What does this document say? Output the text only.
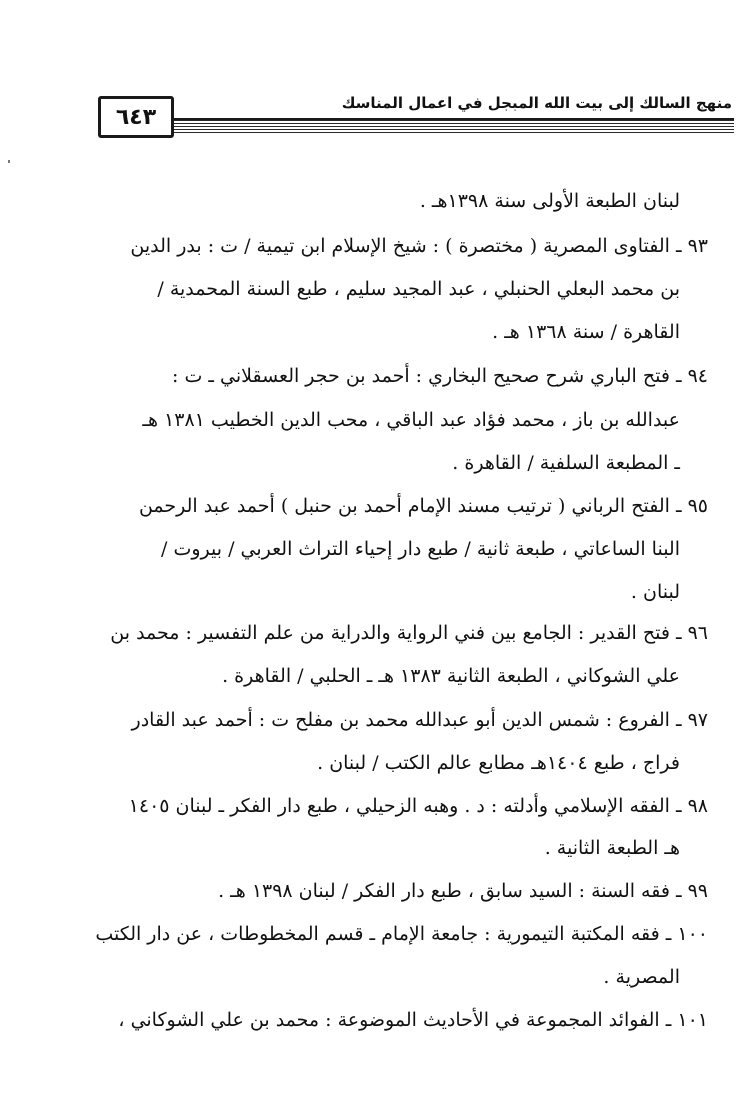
٦٤٣
منهج السالك إلى بيت الله المبجل في اعمال المناسك
لبنان الطبعة الأولى سنة ١٣٩٨هـ .
٩٣ ـ الفتاوى المصرية ( مختصرة ) : شيخ الإسلام ابن تيمية / ت : بدر الدين
بن محمد البعلي الحنبلي ، عبد المجيد سليم ، طبع السنة المحمدية /
القاهرة / سنة ١٣٦٨ هـ .
٩٤ ـ فتح الباري شرح صحيح البخاري : أحمد بن حجر العسقلاني ـ ت :
عبدالله بن باز ، محمد فؤاد عبد الباقي ، محب الدين الخطيب ١٣٨١ هـ
ـ المطبعة السلفية / القاهرة .
٩٥ ـ الفتح الرباني ( ترتيب مسند الإمام أحمد بن حنبل ) أحمد عبد الرحمن
البنا الساعاتي ، طبعة ثانية / طبع دار إحياء التراث العربي / بيروت /
لبنان .
٩٦ ـ فتح القدير : الجامع بين فني الرواية والدراية من علم التفسير : محمد بن
علي الشوكاني ، الطبعة الثانية ١٣٨٣ هـ ـ الحلبي / القاهرة .
٩٧ ـ الفروع : شمس الدين أبو عبدالله محمد بن مفلح ت : أحمد عبد القادر
فراج ، طبع ١٤٠٤هـ مطابع عالم الكتب / لبنان .
٩٨ ـ الفقه الإسلامي وأدلته : د . وهبه الزحيلي ، طبع دار الفكر ـ لبنان ١٤٠٥
هـ الطبعة الثانية .
٩٩ ـ فقه السنة : السيد سابق ، طبع دار الفكر / لبنان ١٣٩٨ هـ .
١٠٠ ـ فقه المكتبة التيمورية : جامعة الإمام ـ قسم المخطوطات ، عن دار الكتب
المصرية .
١٠١ ـ الفوائد المجموعة في الأحاديث الموضوعة : محمد بن علي الشوكاني ،
